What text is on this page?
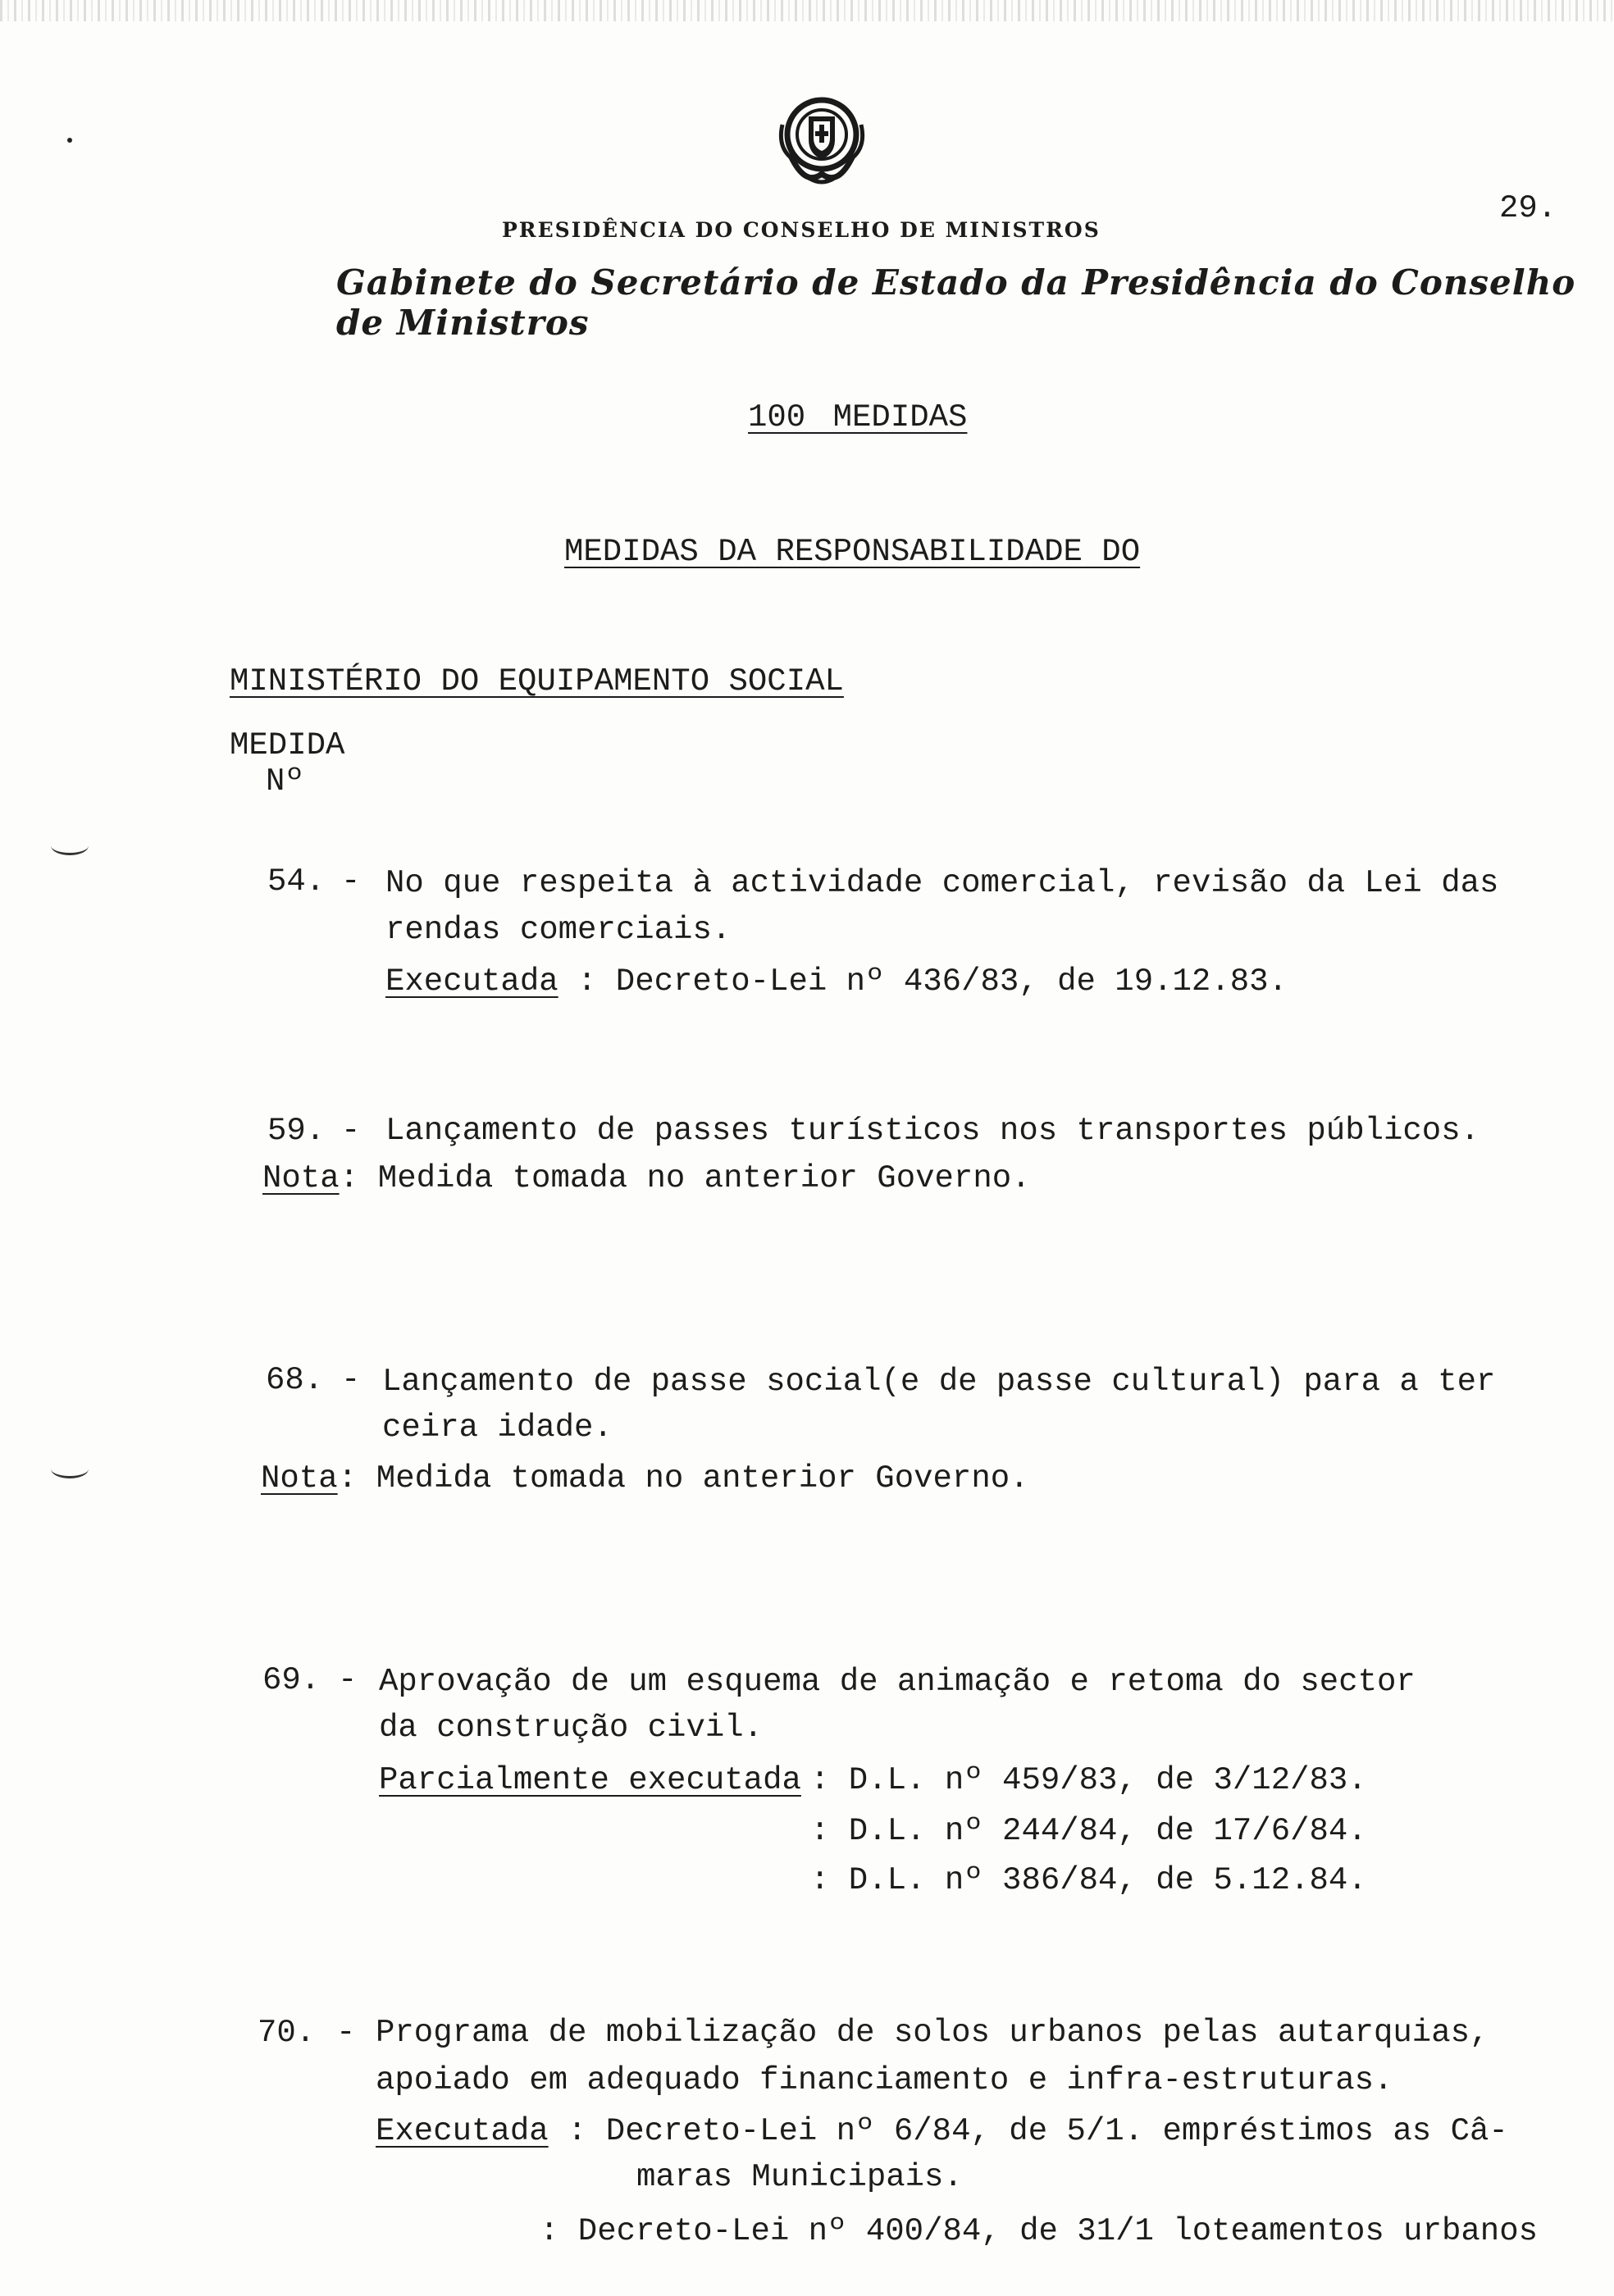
PRESIDÊNCIA DO CONSELHO DE MINISTROS
Gabinete do Secretário de Estado da Presidência do Conselho de Ministros
29.
100 MEDIDAS
MEDIDAS DA RESPONSABILIDADE DO
MINISTÉRIO DO EQUIPAMENTO SOCIAL
MEDIDA
Nº
54. - No que respeita à actividade comercial, revisão da Lei das
rendas comerciais.
Executada : Decreto-Lei nº 436/83, de 19.12.83.
59. - Lançamento de passes turísticos nos transportes públicos.
Nota : Medida tomada no anterior Governo.
68. - Lançamento de passe social(e de passe cultural) para a ter
ceira idade.
Nota : Medida tomada no anterior Governo.
69. - Aprovação de um esquema de animação e retoma do sector
da construção civil.
Parcialmente executada : D.L. nº 459/83, de 3/12/83.
: D.L. nº 244/84, de 17/6/84.
: D.L. nº 386/84, de 5.12.84.
70. - Programa de mobilização de solos urbanos pelas autarquias,
apoiado em adequado financiamento e infra-estruturas.
Executada : Decreto-Lei nº 6/84, de 5/1. empréstimos as Câ-
maras Municipais.
: Decreto-Lei nº 400/84, de 31/1 loteamentos urbanos
